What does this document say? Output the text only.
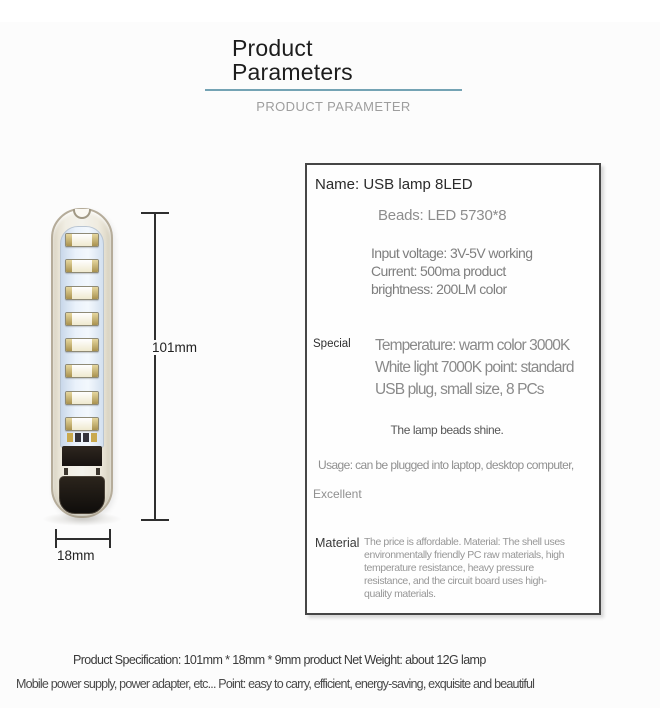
Product
Parameters
PRODUCT PARAMETER
101mm
18mm
Name: USB lamp 8LED
Beads: LED 5730*8
Input voltage: 3V-5V working
Current: 500ma product
brightness: 200LM color
Special Temperature: warm color 3000K
White light 7000K point: standard
USB plug, small size, 8 PCs
The lamp beads shine.
Usage: can be plugged into laptop, desktop computer,
Excellent
Material The price is affordable. Material: The shell uses
environmentally friendly PC raw materials, high
temperature resistance, heavy pressure
resistance, and the circuit board uses high-
quality materials.
Product Specification: 101mm * 18mm * 9mm product Net Weight: about 12G lamp
Mobile power supply, power adapter, etc... Point: easy to carry, efficient, energy-saving, exquisite and beautiful
